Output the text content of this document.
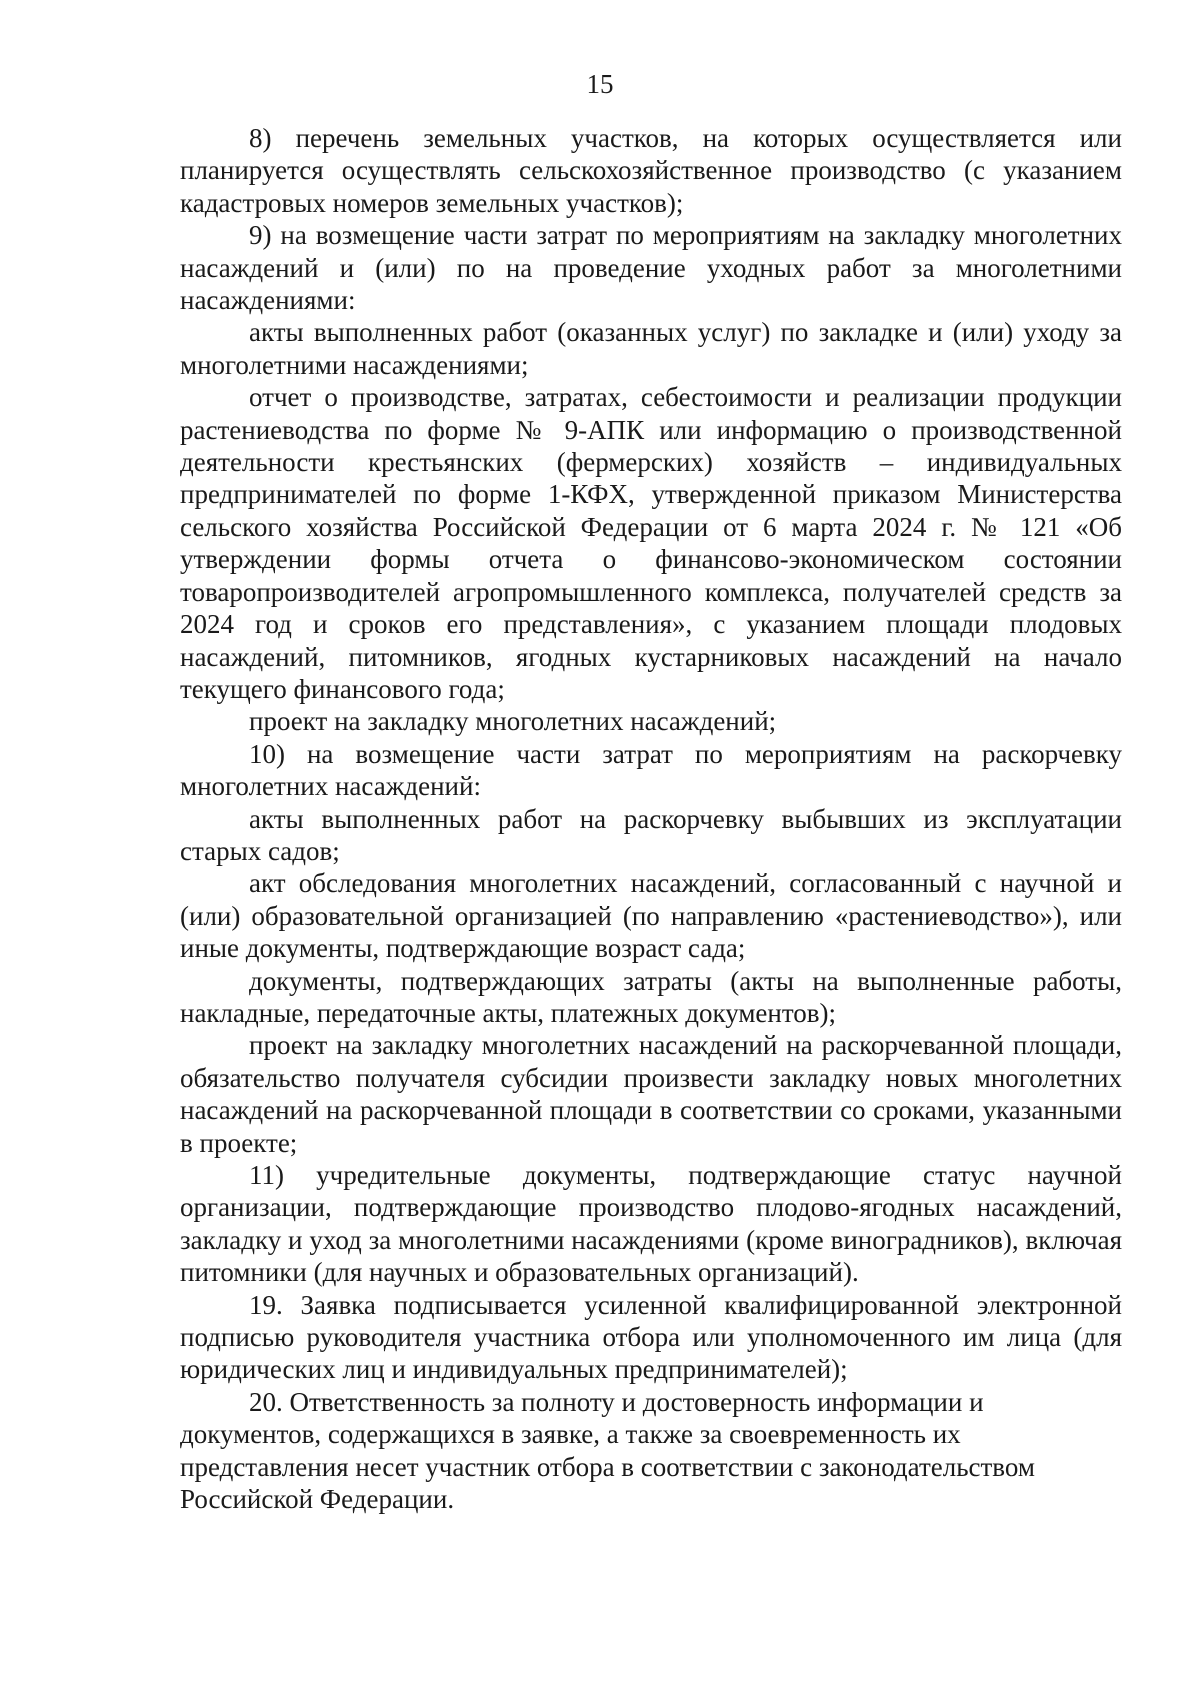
15

8) перечень земельных участков, на которых осуществляется или планируется осуществлять сельскохозяйственное производство (с указанием кадастровых номеров земельных участков);

9) на возмещение части затрат по мероприятиям на закладку многолетних насаждений и (или) по на проведение уходных работ за многолетними насаждениями:

акты выполненных работ (оказанных услуг) по закладке и (или) уходу за многолетними насаждениями;

отчет о производстве, затратах, себестоимости и реализации продукции растениеводства по форме № 9-АПК или информацию о производственной деятельности крестьянских (фермерских) хозяйств – индивидуальных предпринимателей по форме 1-КФХ, утвержденной приказом Министерства сельского хозяйства Российской Федерации от 6 марта 2024 г. № 121 «Об утверждении формы отчета о финансово-экономическом состоянии товаропроизводителей агропромышленного комплекса, получателей средств за 2024 год и сроков его представления», с указанием площади плодовых насаждений, питомников, ягодных кустарниковых насаждений на начало текущего финансового года;

проект на закладку многолетних насаждений;

10) на возмещение части затрат по мероприятиям на раскорчевку многолетних насаждений:

акты выполненных работ на раскорчевку выбывших из эксплуатации старых садов;

акт обследования многолетних насаждений, согласованный с научной и (или) образовательной организацией (по направлению «растениеводство»), или иные документы, подтверждающие возраст сада;

документы, подтверждающих затраты (акты на выполненные работы, накладные, передаточные акты, платежных документов);

проект на закладку многолетних насаждений на раскорчеванной площади, обязательство получателя субсидии произвести закладку новых многолетних насаждений на раскорчеванной площади в соответствии со сроками, указанными в проекте;

11) учредительные документы, подтверждающие статус научной организации, подтверждающие производство плодово-ягодных насаждений, закладку и уход за многолетними насаждениями (кроме виноградников), включая питомники (для научных и образовательных организаций).

19. Заявка подписывается усиленной квалифицированной электронной подписью руководителя участника отбора или уполномоченного им лица (для юридических лиц и индивидуальных предпринимателей);

20. Ответственность за полноту и достоверность информации и документов, содержащихся в заявке, а также за своевременность их представления несет участник отбора в соответствии с законодательством Российской Федерации.
